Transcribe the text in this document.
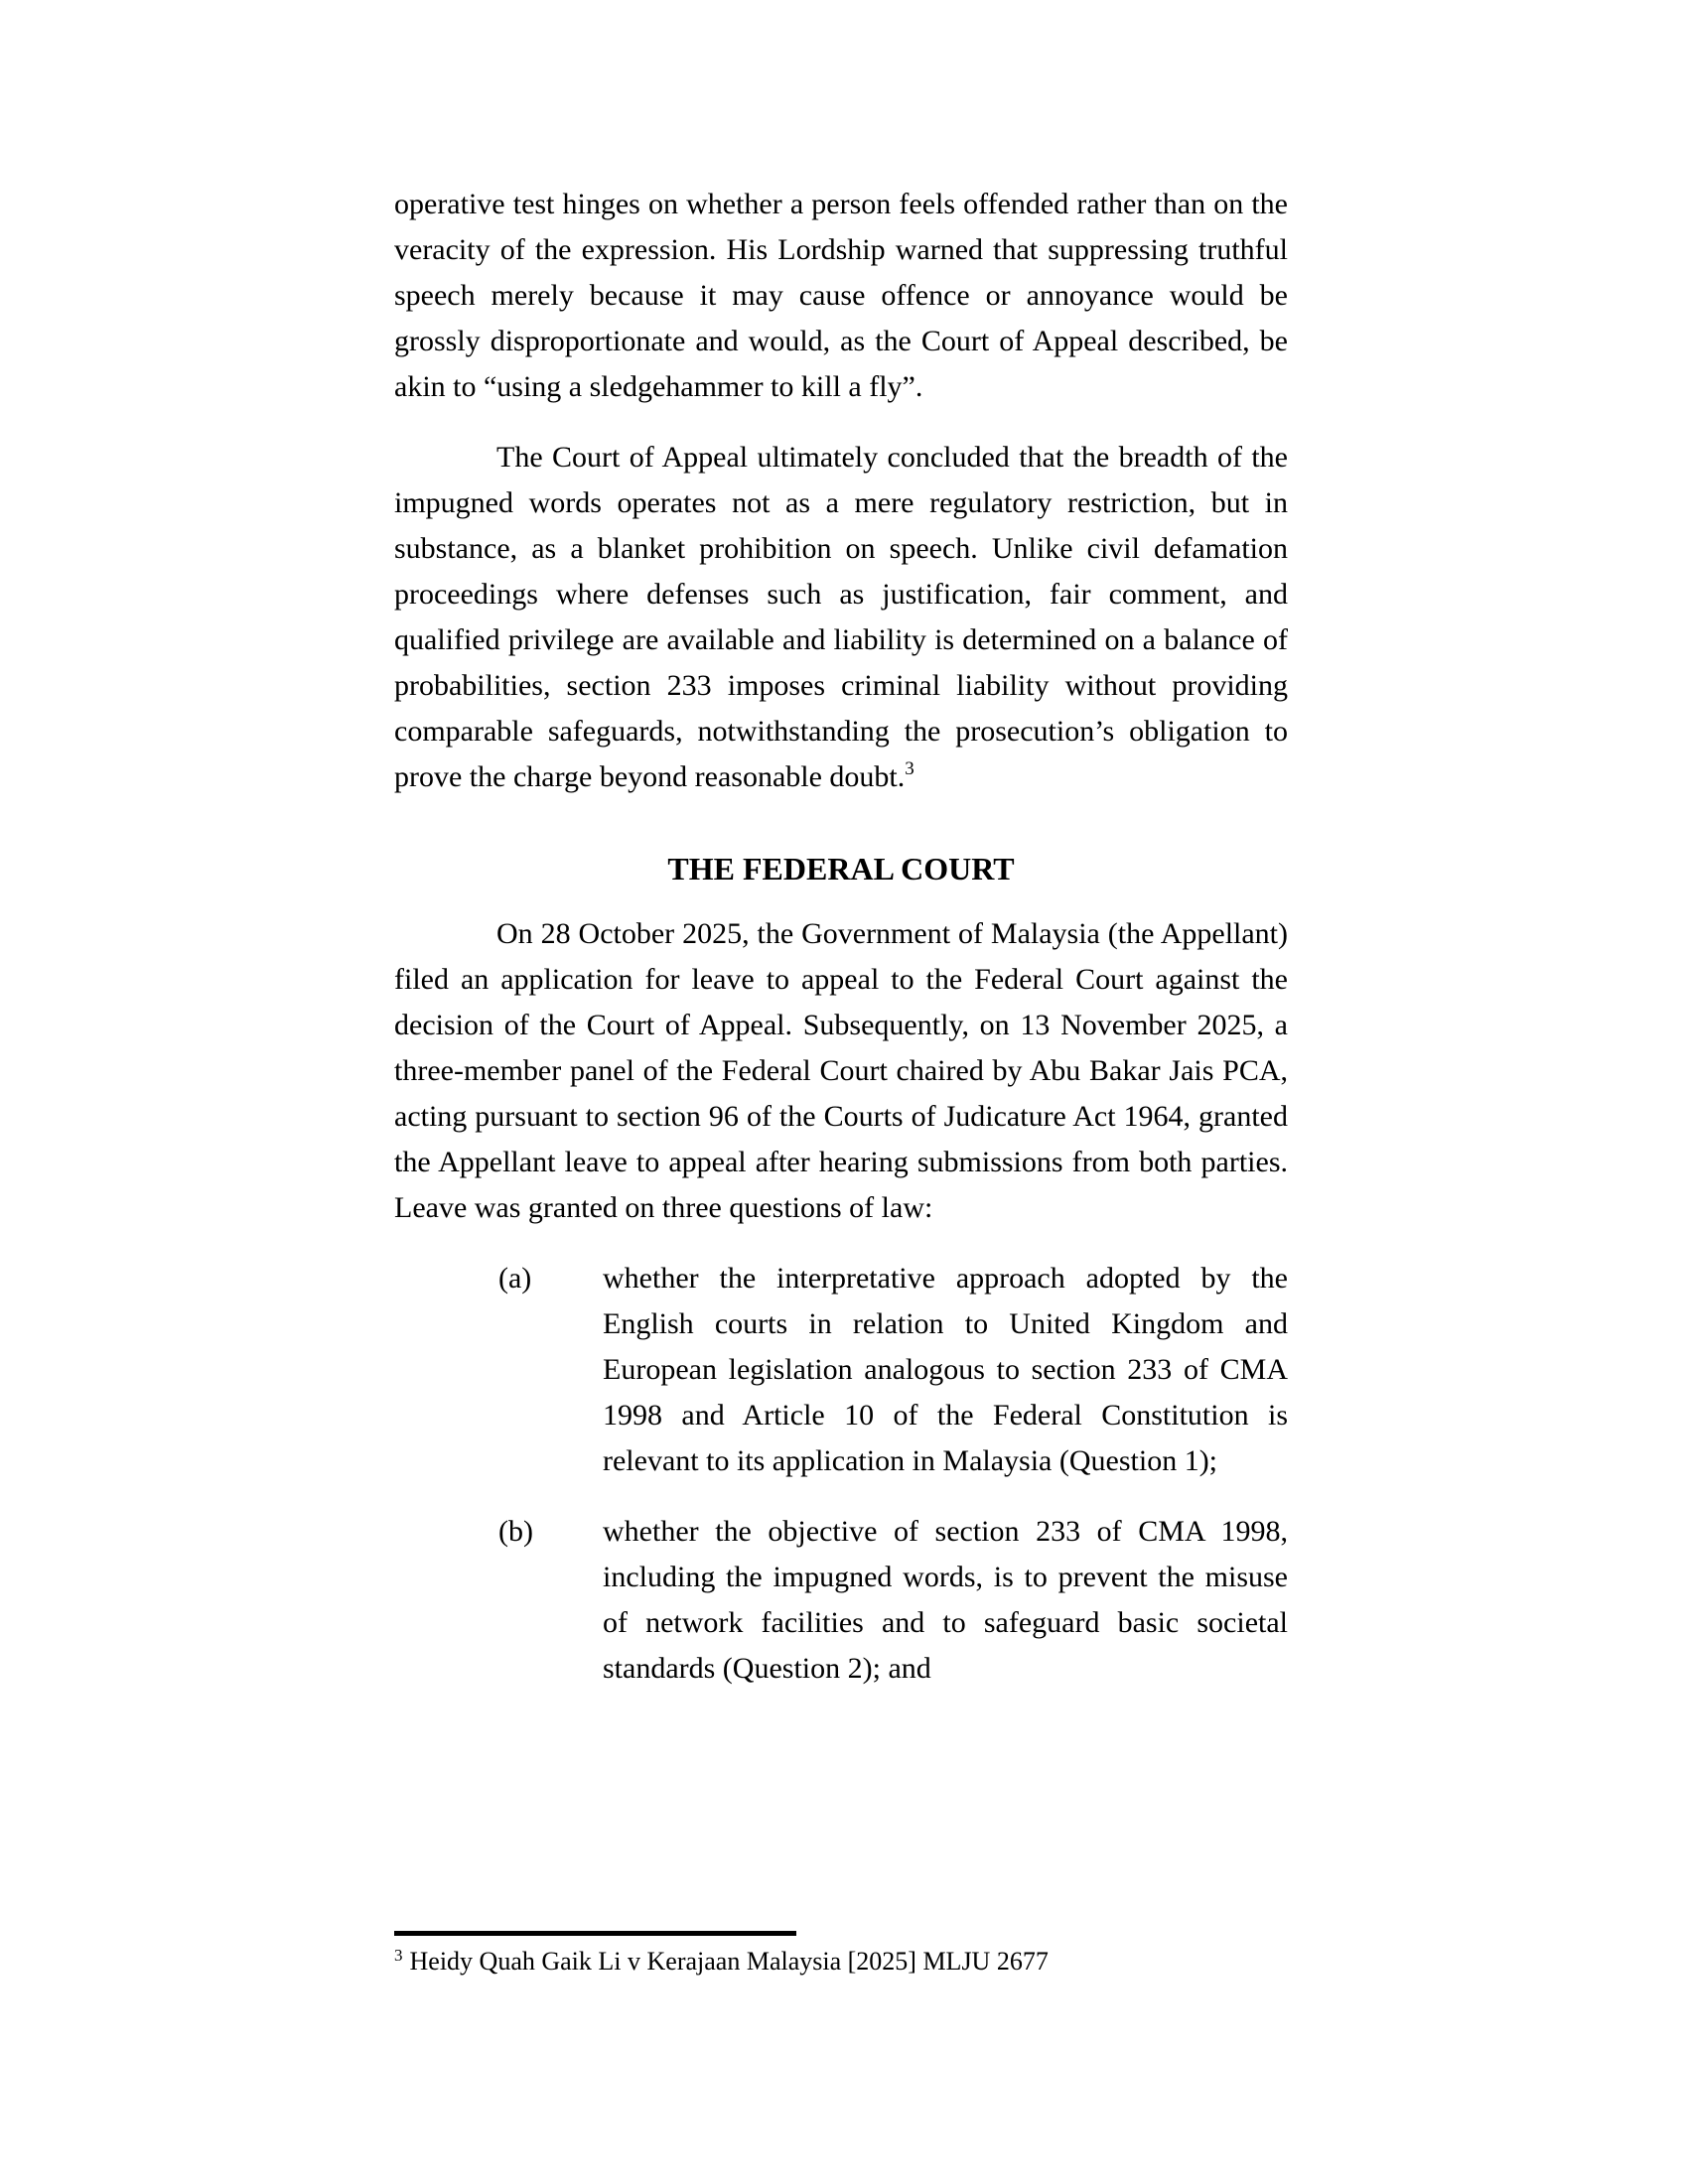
operative test hinges on whether a person feels offended rather than on the veracity of the expression. His Lordship warned that suppressing truthful speech merely because it may cause offence or annoyance would be grossly disproportionate and would, as the Court of Appeal described, be akin to “using a sledgehammer to kill a fly”.

The Court of Appeal ultimately concluded that the breadth of the impugned words operates not as a mere regulatory restriction, but in substance, as a blanket prohibition on speech. Unlike civil defamation proceedings where defenses such as justification, fair comment, and qualified privilege are available and liability is determined on a balance of probabilities, section 233 imposes criminal liability without providing comparable safeguards, notwithstanding the prosecution’s obligation to prove the charge beyond reasonable doubt.$^3$

THE FEDERAL COURT

On 28 October 2025, the Government of Malaysia (the Appellant) filed an application for leave to appeal to the Federal Court against the decision of the Court of Appeal. Subsequently, on 13 November 2025, a three-member panel of the Federal Court chaired by Abu Bakar Jais PCA, acting pursuant to section 96 of the Courts of Judicature Act 1964, granted the Appellant leave to appeal after hearing submissions from both parties. Leave was granted on three questions of law:

(a)	whether the interpretative approach adopted by the English courts in relation to United Kingdom and European legislation analogous to section 233 of CMA 1998 and Article 10 of the Federal Constitution is relevant to its application in Malaysia (Question 1);
(b)	whether the objective of section 233 of CMA 1998, including the impugned words, is to prevent the misuse of network facilities and to safeguard basic societal standards (Question 2); and
$^3$ Heidy Quah Gaik Li v Kerajaan Malaysia [2025] MLJU 2677
